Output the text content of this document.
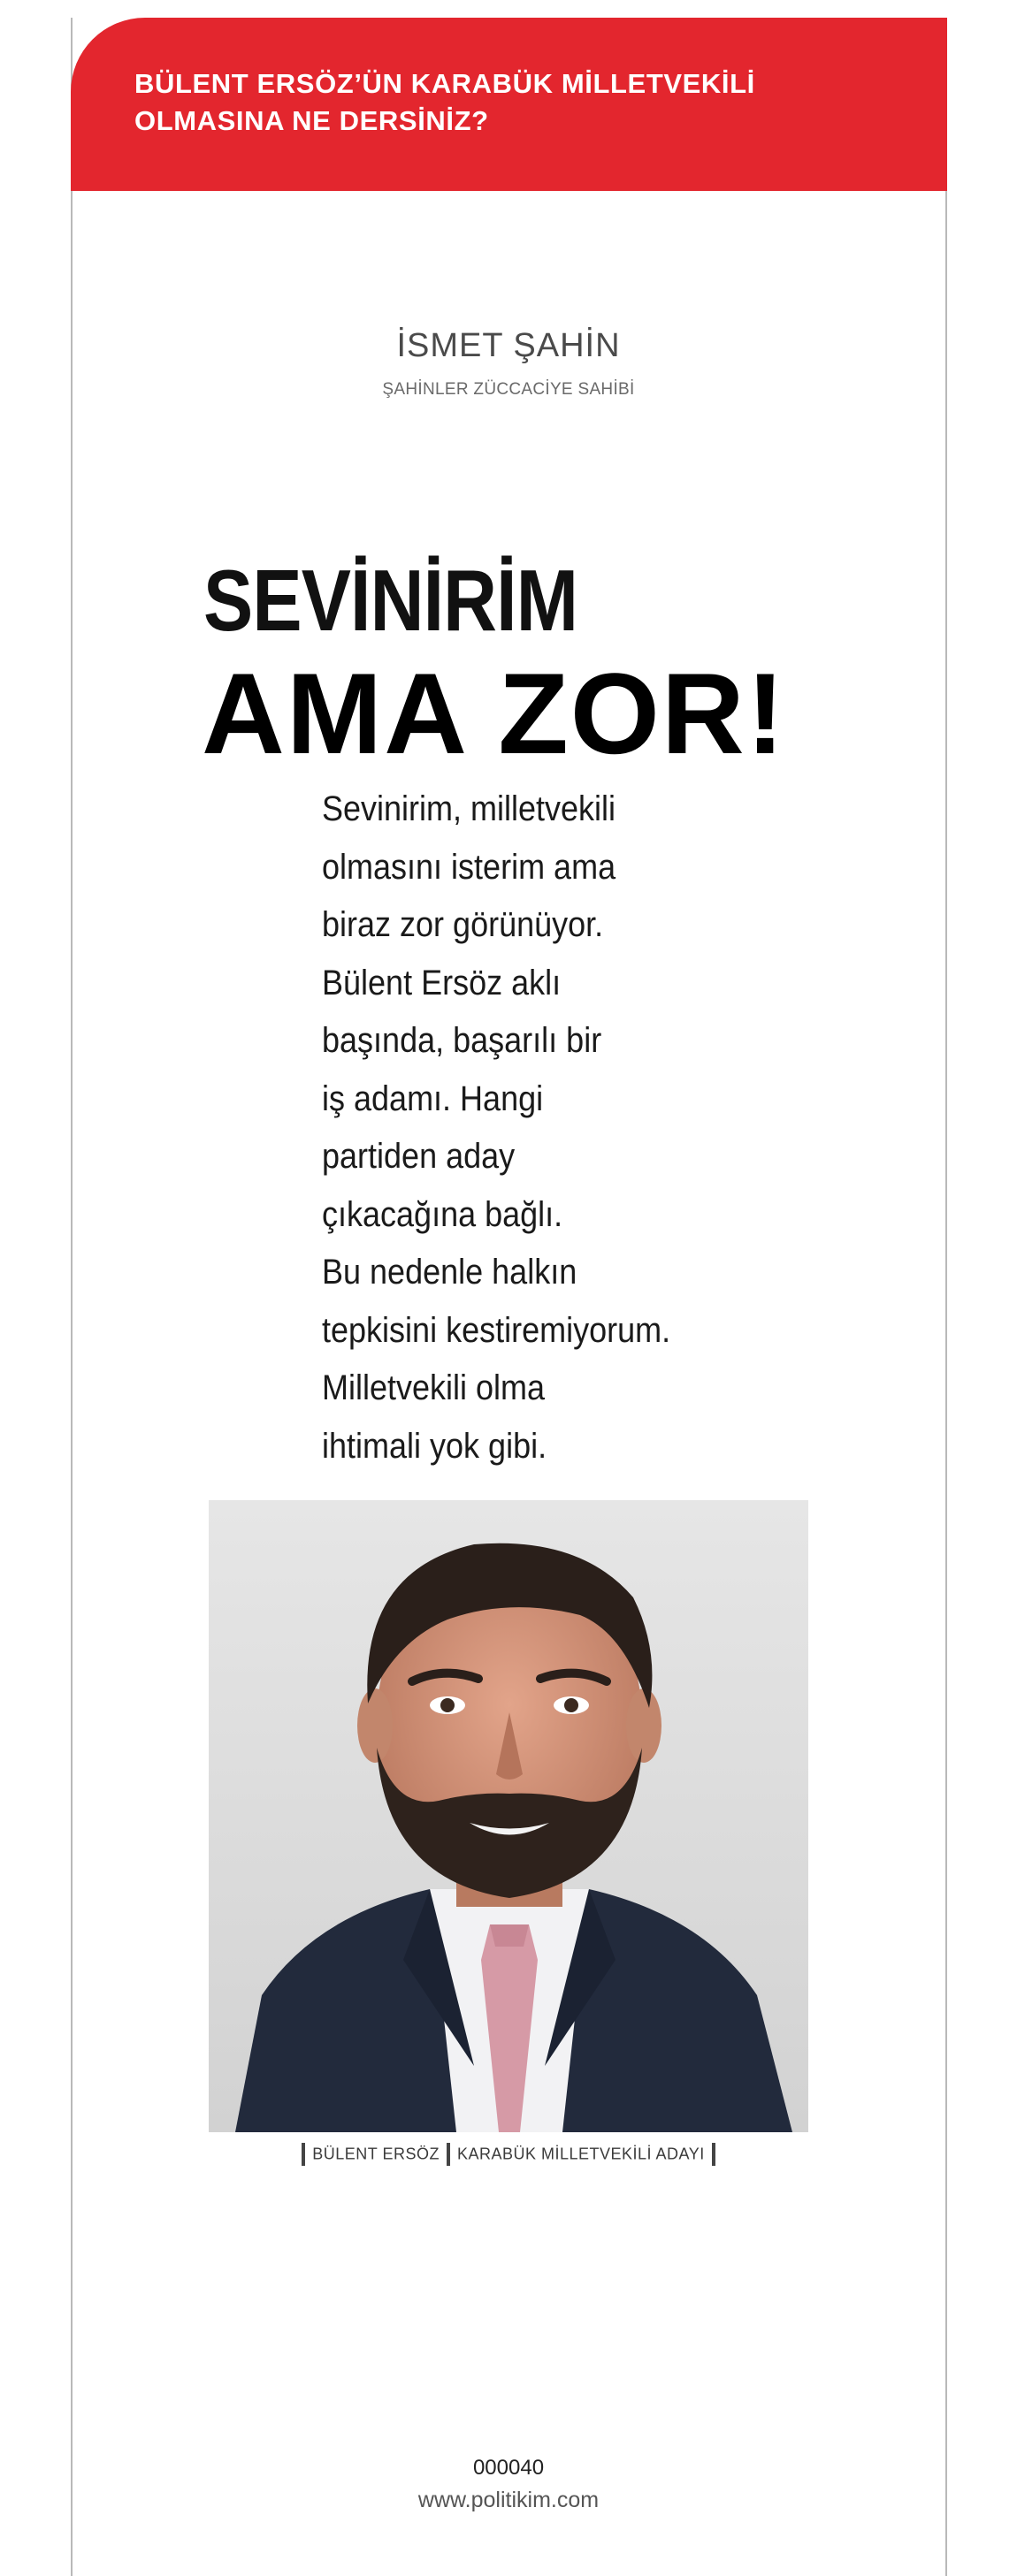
BÜLENT ERSÖZ’ÜN KARABÜK MİLLETVEKİLİ
OLMASINA NE DERSİNİZ?

İSMET ŞAHİN
ŞAHİNLER ZÜCCACİYE SAHİBİ
SEVİNİRİM
AMA ZOR!
Sevinirim, milletvekili
olmasını isterim ama
biraz zor görünüyor.
Bülent Ersöz aklı
başında, başarılı bir
iş adamı. Hangi
partiden aday
çıkacağına bağlı.
Bu nedenle halkın
tepkisini kestiremiyorum.
Milletvekili olma
ihtimali yok gibi.
BÜLENT ERSÖZ KARABÜK MİLLETVEKİLİ ADAYI
000040
www.politikim.com
